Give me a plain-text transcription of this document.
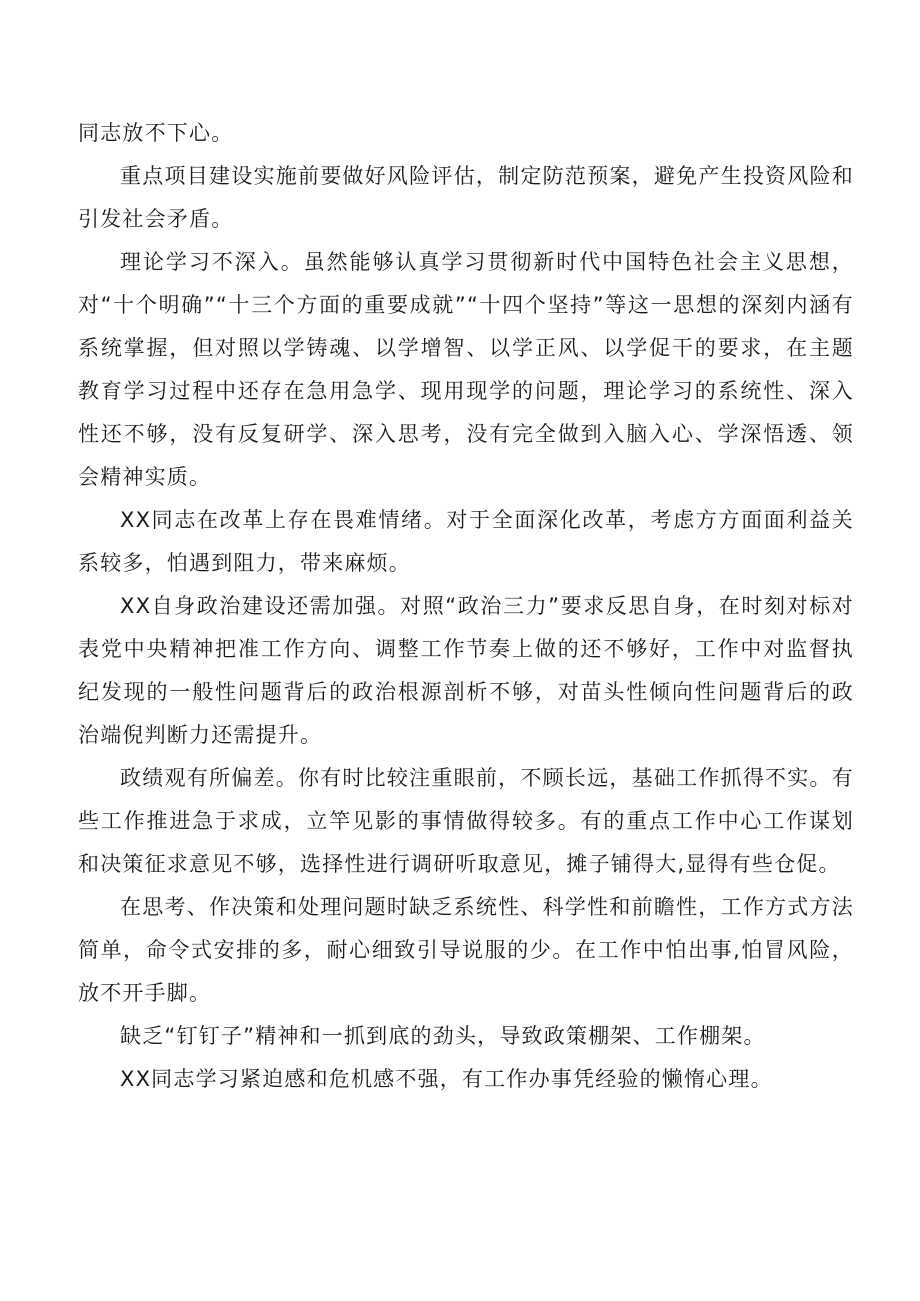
同志放不下心。

重点项目建设实施前要做好风险评估，制定防范预案，避免产生投资风险和引发社会矛盾。

理论学习不深入。虽然能够认真学习贯彻新时代中国特色社会主义思想，对“十个明确”“十三个方面的重要成就”“十四个坚持”等这一思想的深刻内涵有系统掌握，但对照以学铸魂、以学增智、以学正风、以学促干的要求，在主题教育学习过程中还存在急用急学、现用现学的问题，理论学习的系统性、深入性还不够，没有反复研学、深入思考，没有完全做到入脑入心、学深悟透、领会精神实质。

XX同志在改革上存在畏难情绪。对于全面深化改革，考虑方方面面利益关系较多，怕遇到阻力，带来麻烦。

XX自身政治建设还需加强。对照“政治三力”要求反思自身，在时刻对标对表党中央精神把准工作方向、调整工作节奏上做的还不够好，工作中对监督执纪发现的一般性问题背后的政治根源剖析不够，对苗头性倾向性问题背后的政治端倪判断力还需提升。

政绩观有所偏差。你有时比较注重眼前，不顾长远，基础工作抓得不实。有些工作推进急于求成，立竿见影的事情做得较多。有的重点工作中心工作谋划和决策征求意见不够，选择性进行调研听取意见，摊子铺得大,显得有些仓促。

在思考、作决策和处理问题时缺乏系统性、科学性和前瞻性，工作方式方法简单，命令式安排的多，耐心细致引导说服的少。在工作中怕出事,怕冒风险，放不开手脚。

缺乏“钉钉子”精神和一抓到底的劲头，导致政策棚架、工作棚架。

XX同志学习紧迫感和危机感不强，有工作办事凭经验的懒惰心理。
